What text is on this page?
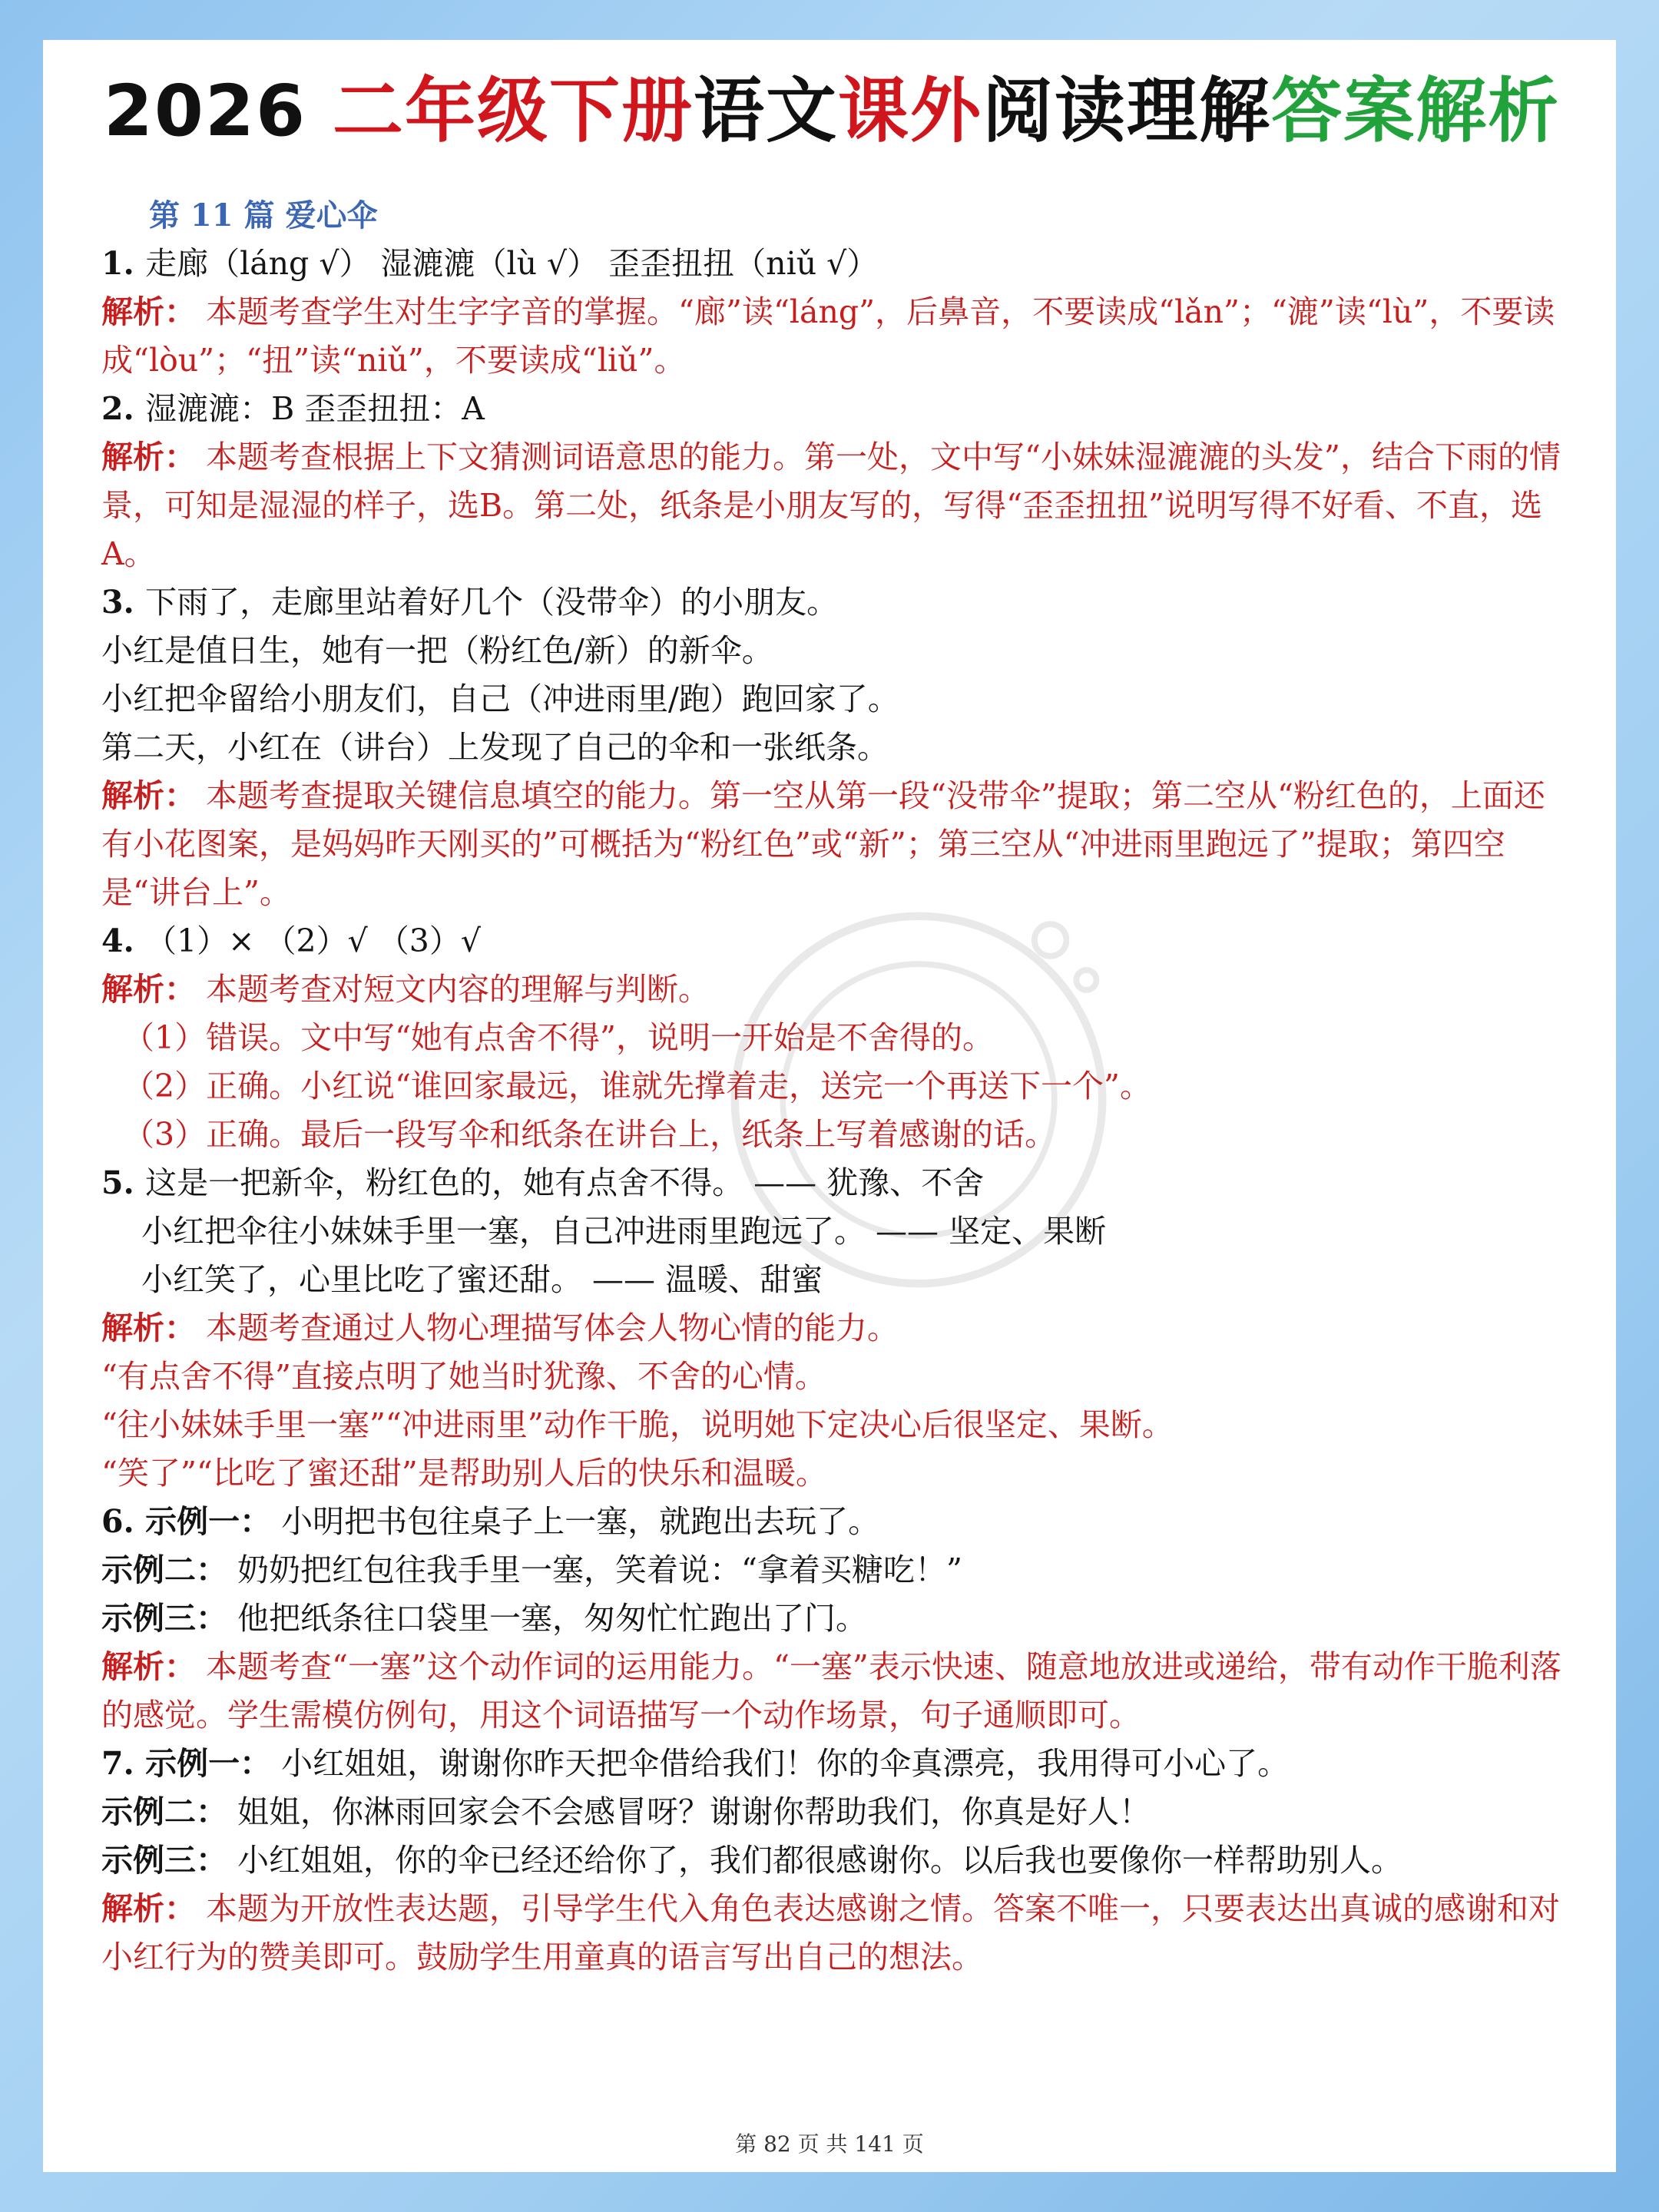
2026 二年级下册语文课外阅读理解答案解析
第 11 篇 爱心伞
1. 走廊（láng √） 湿漉漉（lù √） 歪歪扭扭（niǔ √）
解析： 本题考查学生对生字字音的掌握。“廊”读“láng”，后鼻音，不要读成“lǎn”；“漉”读“lù”，不要读成“lòu”；“扭”读“niǔ”，不要读成“liǔ”。
2. 湿漉漉：B 歪歪扭扭：A
解析： 本题考查根据上下文猜测词语意思的能力。第一处，文中写“小妹妹湿漉漉的头发”，结合下雨的情景，可知是湿湿的样子，选B。第二处，纸条是小朋友写的，写得“歪歪扭扭”说明写得不好看、不直，选A。
3. 下雨了，走廊里站着好几个（没带伞）的小朋友。
小红是值日生，她有一把（粉红色/新）的新伞。
小红把伞留给小朋友们，自己（冲进雨里/跑）跑回家了。
第二天，小红在（讲台）上发现了自己的伞和一张纸条。
解析： 本题考查提取关键信息填空的能力。第一空从第一段“没带伞”提取；第二空从“粉红色的，上面还有小花图案，是妈妈昨天刚买的”可概括为“粉红色”或“新”；第三空从“冲进雨里跑远了”提取；第四空是“讲台上”。
4. （1）× （2）√ （3）√
解析： 本题考查对短文内容的理解与判断。
（1）错误。文中写“她有点舍不得”，说明一开始是不舍得的。
（2）正确。小红说“谁回家最远，谁就先撑着走，送完一个再送下一个”。
（3）正确。最后一段写伞和纸条在讲台上，纸条上写着感谢的话。
5. 这是一把新伞，粉红色的，她有点舍不得。 —— 犹豫、不舍
小红把伞往小妹妹手里一塞，自己冲进雨里跑远了。 —— 坚定、果断
小红笑了，心里比吃了蜜还甜。 —— 温暖、甜蜜
解析： 本题考查通过人物心理描写体会人物心情的能力。
“有点舍不得”直接点明了她当时犹豫、不舍的心情。
“往小妹妹手里一塞”“冲进雨里”动作干脆，说明她下定决心后很坚定、果断。
“笑了”“比吃了蜜还甜”是帮助别人后的快乐和温暖。
6. 示例一： 小明把书包往桌子上一塞，就跑出去玩了。
示例二： 奶奶把红包往我手里一塞，笑着说：“拿着买糖吃！”
示例三： 他把纸条往口袋里一塞，匆匆忙忙跑出了门。
解析： 本题考查“一塞”这个动作词的运用能力。“一塞”表示快速、随意地放进或递给，带有动作干脆利落的感觉。学生需模仿例句，用这个词语描写一个动作场景，句子通顺即可。
7. 示例一： 小红姐姐，谢谢你昨天把伞借给我们！你的伞真漂亮，我用得可小心了。
示例二： 姐姐，你淋雨回家会不会感冒呀？谢谢你帮助我们，你真是好人！
示例三： 小红姐姐，你的伞已经还给你了，我们都很感谢你。以后我也要像你一样帮助别人。
解析： 本题为开放性表达题，引导学生代入角色表达感谢之情。答案不唯一，只要表达出真诚的感谢和对小红行为的赞美即可。鼓励学生用童真的语言写出自己的想法。
第 82 页 共 141 页
